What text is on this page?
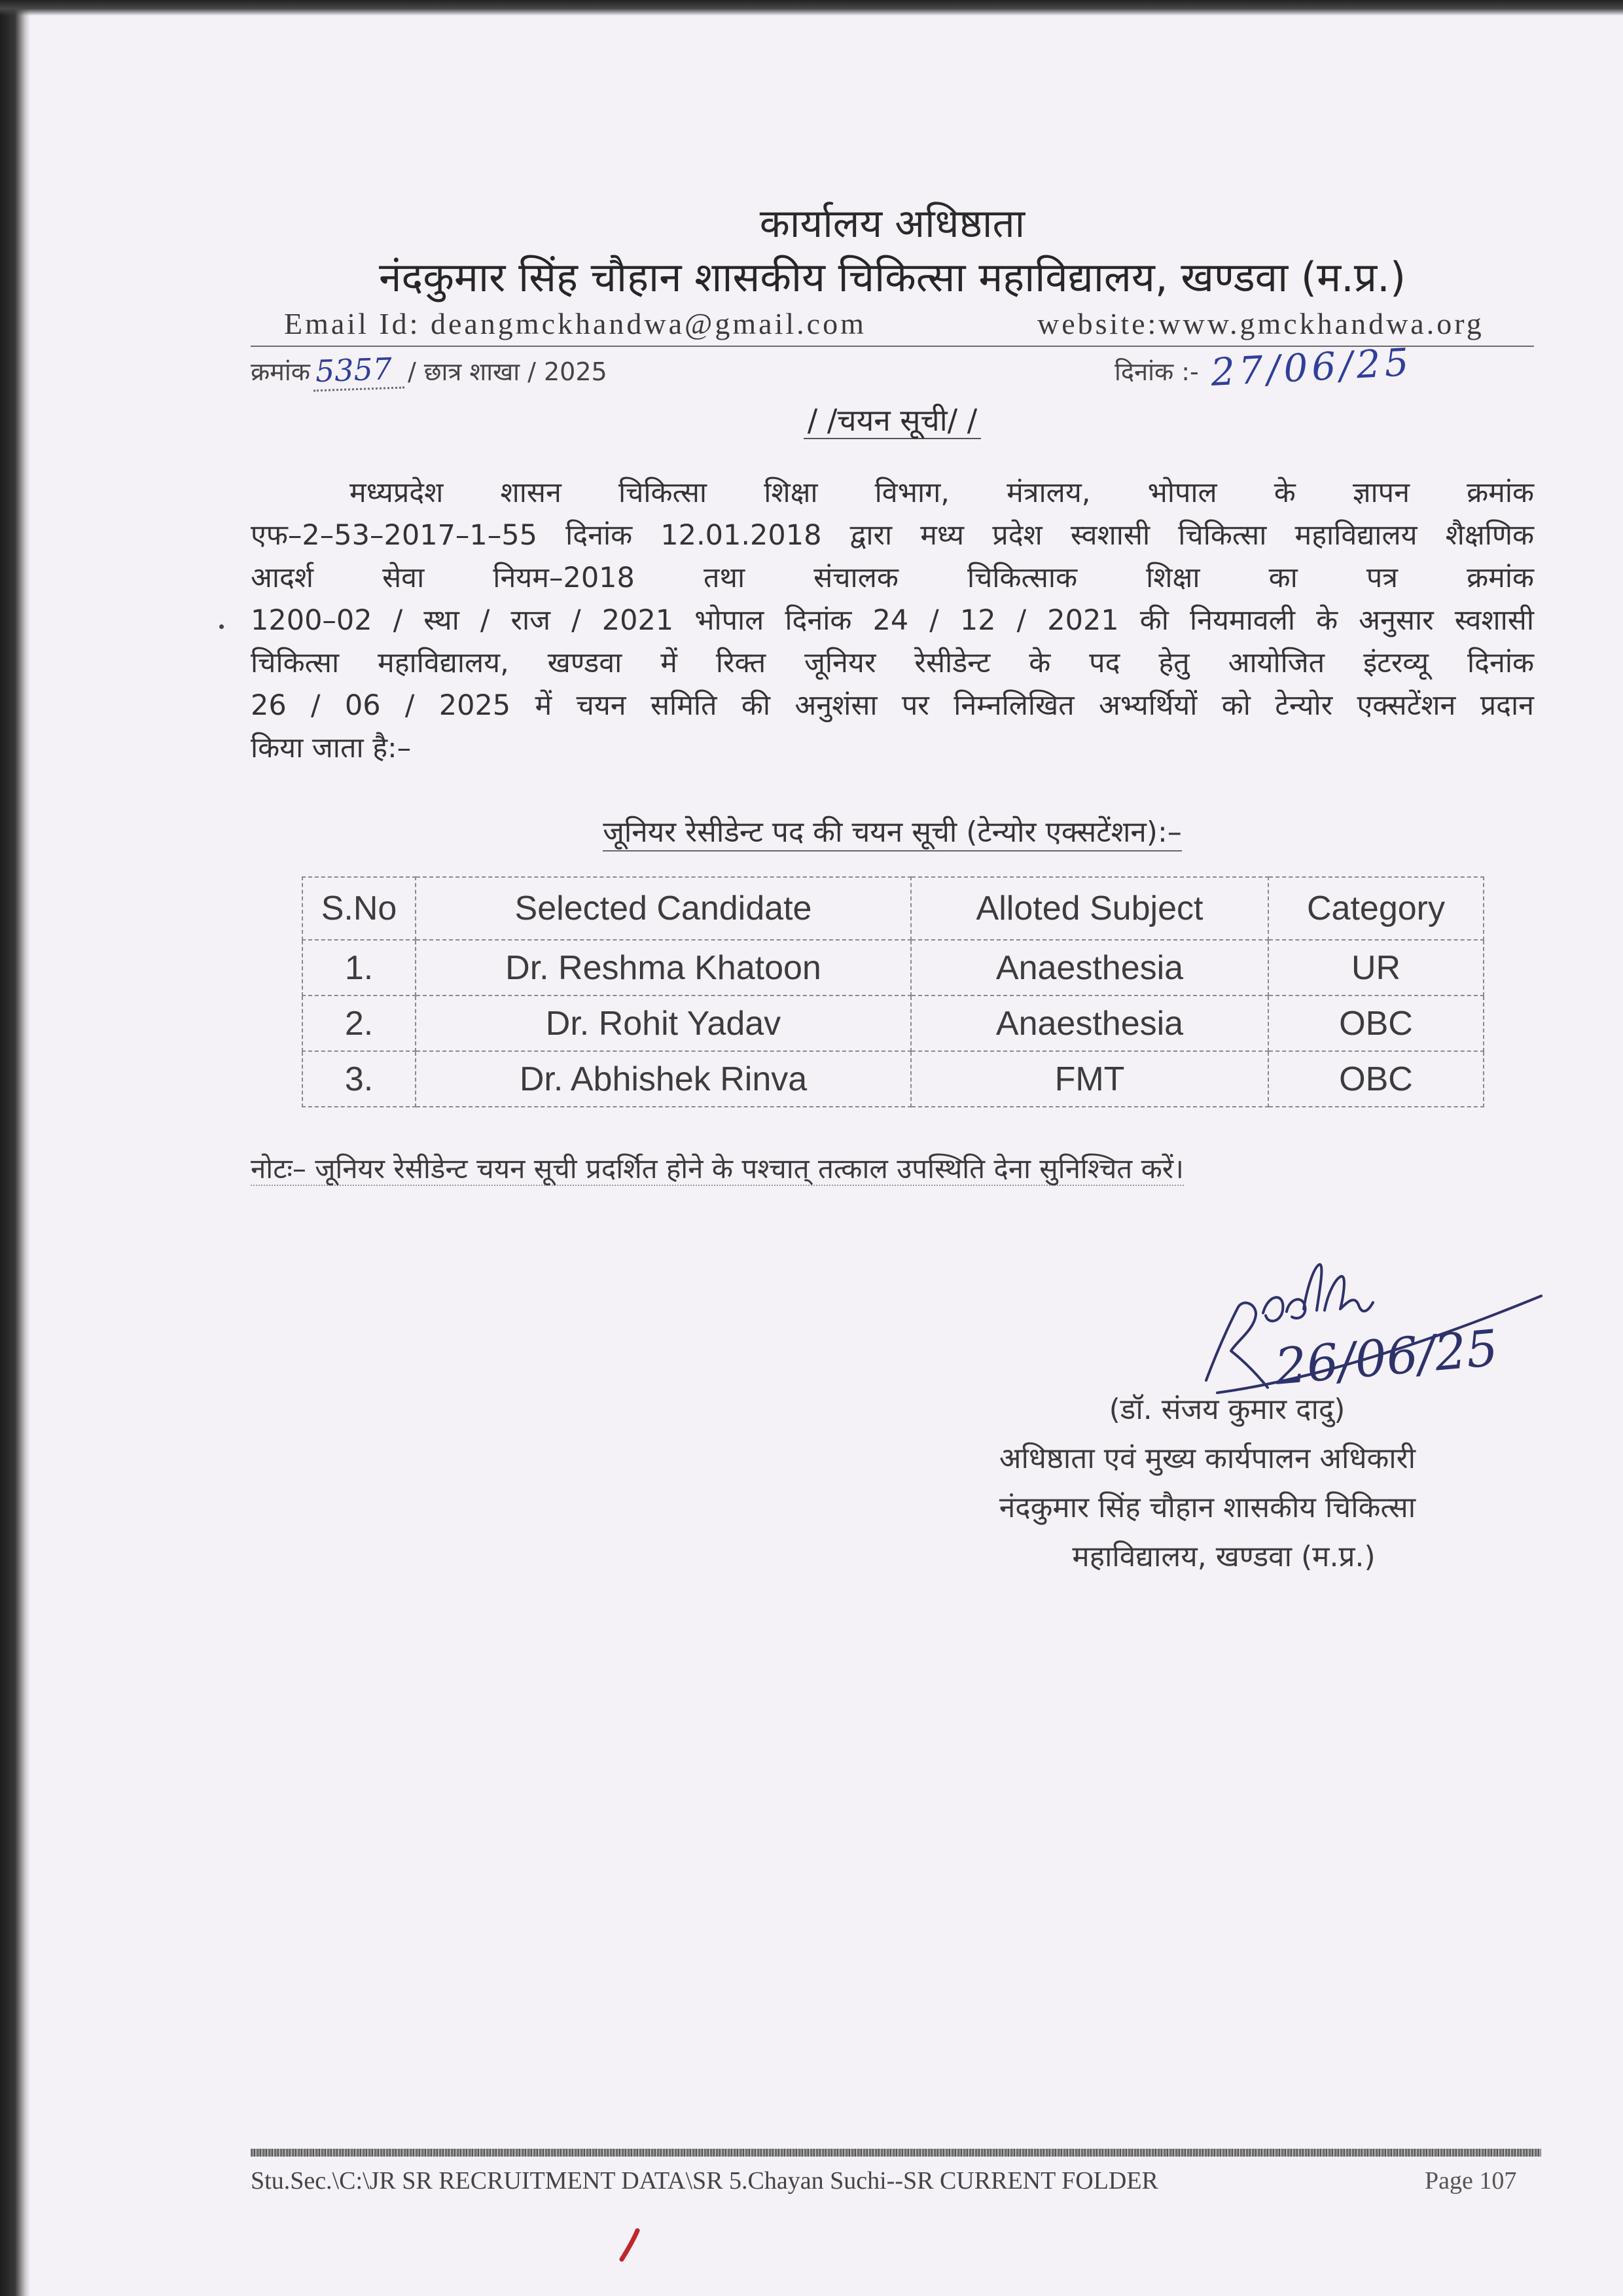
कार्यालय अधिष्ठाता
नंदकुमार सिंह चौहान शासकीय चिकित्सा महाविद्यालय, खण्डवा (म.प्र.)
Email Id: deangmckhandwa@gmail.com	website:www.gmckhandwa.org
क्रमांक 5357 / छात्र शाखा / 2025	दिनांक :- 27/06/25
/ /चयन सूची/ /
मध्यप्रदेश शासन चिकित्सा शिक्षा विभाग, मंत्रालय, भोपाल के ज्ञापन क्रमांक
एफ–2–53–2017–1–55 दिनांक 12.01.2018 द्वारा मध्य प्रदेश स्वशासी चिकित्सा महाविद्यालय शैक्षणिक
आदर्श सेवा नियम–2018 तथा संचालक चिकित्साक शिक्षा का पत्र क्रमांक
1200–02 / स्था / राज / 2021 भोपाल दिनांक 24 / 12 / 2021 की नियमावली के अनुसार स्वशासी
चिकित्सा महाविद्यालय, खण्डवा में रिक्त जूनियर रेसीडेन्ट के पद हेतु आयोजित इंटरव्यू दिनांक
26 / 06 / 2025 में चयन समिति की अनुशंसा पर निम्नलिखित अभ्यर्थियों को टेन्योर एक्सटेंशन प्रदान
किया जाता है:–
जूनियर रेसीडेन्ट पद की चयन सूची (टेन्योर एक्सटेंशन):–
S.No	Selected Candidate	Alloted Subject	Category
1.	Dr. Reshma Khatoon	Anaesthesia	UR
2.	Dr. Rohit Yadav	Anaesthesia	OBC
3.	Dr. Abhishek Rinva	FMT	OBC
नोटः– जूनियर रेसीडेन्ट चयन सूची प्रदर्शित होने के पश्चात् तत्काल उपस्थिति देना सुनिश्चित करें।
26/06/25
(डॉ. संजय कुमार दादु)
अधिष्ठाता एवं मुख्य कार्यपालन अधिकारी
नंदकुमार सिंह चौहान शासकीय चिकित्सा
महाविद्यालय, खण्डवा (म.प्र.)
Stu.Sec.\C:\JR SR RECRUITMENT DATA\SR 5.Chayan Suchi--SR CURRENT FOLDER	Page 107
